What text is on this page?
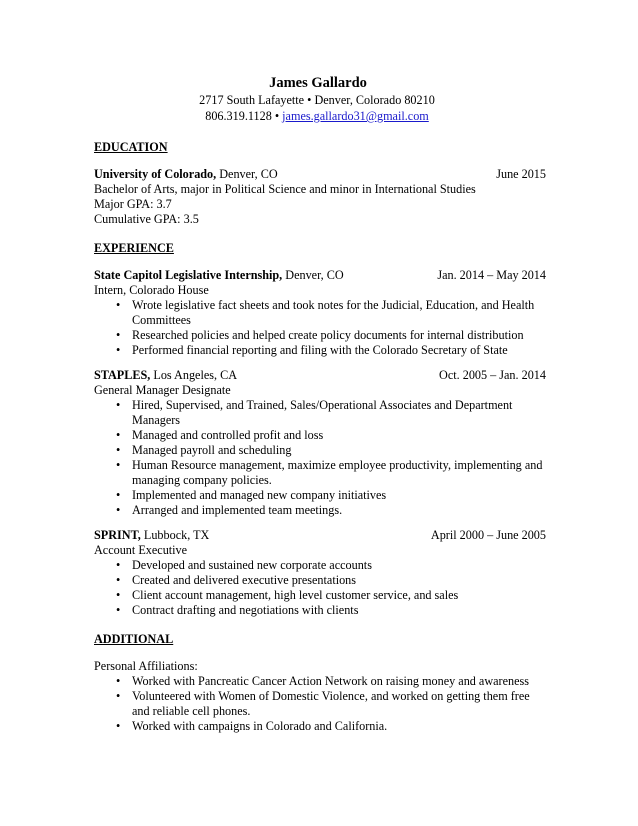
James Gallardo
2717 South Lafayette • Denver, Colorado 80210
806.319.1128 • james.gallardo31@gmail.com
EDUCATION
University of Colorado, Denver, CO	June 2015
Bachelor of Arts, major in Political Science and minor in International Studies
Major GPA: 3.7
Cumulative GPA: 3.5
EXPERIENCE
State Capitol Legislative Internship, Denver, CO	Jan. 2014 – May 2014
Intern, Colorado House
• Wrote legislative fact sheets and took notes for the Judicial, Education, and Health Committees
• Researched policies and helped create policy documents for internal distribution
• Performed financial reporting and filing with the Colorado Secretary of State
STAPLES, Los Angeles, CA	Oct. 2005 – Jan. 2014
General Manager Designate
• Hired, Supervised, and Trained, Sales/Operational Associates and Department Managers
• Managed and controlled profit and loss
• Managed payroll and scheduling
• Human Resource management, maximize employee productivity, implementing and managing company policies.
• Implemented and managed new company initiatives
• Arranged and implemented team meetings.
SPRINT, Lubbock, TX	April 2000 – June 2005
Account Executive
• Developed and sustained new corporate accounts
• Created and delivered executive presentations
• Client account management, high level customer service, and sales
• Contract drafting and negotiations with clients
ADDITIONAL
Personal Affiliations:
• Worked with Pancreatic Cancer Action Network on raising money and awareness
• Volunteered with Women of Domestic Violence, and worked on getting them free and reliable cell phones.
• Worked with campaigns in Colorado and California.
